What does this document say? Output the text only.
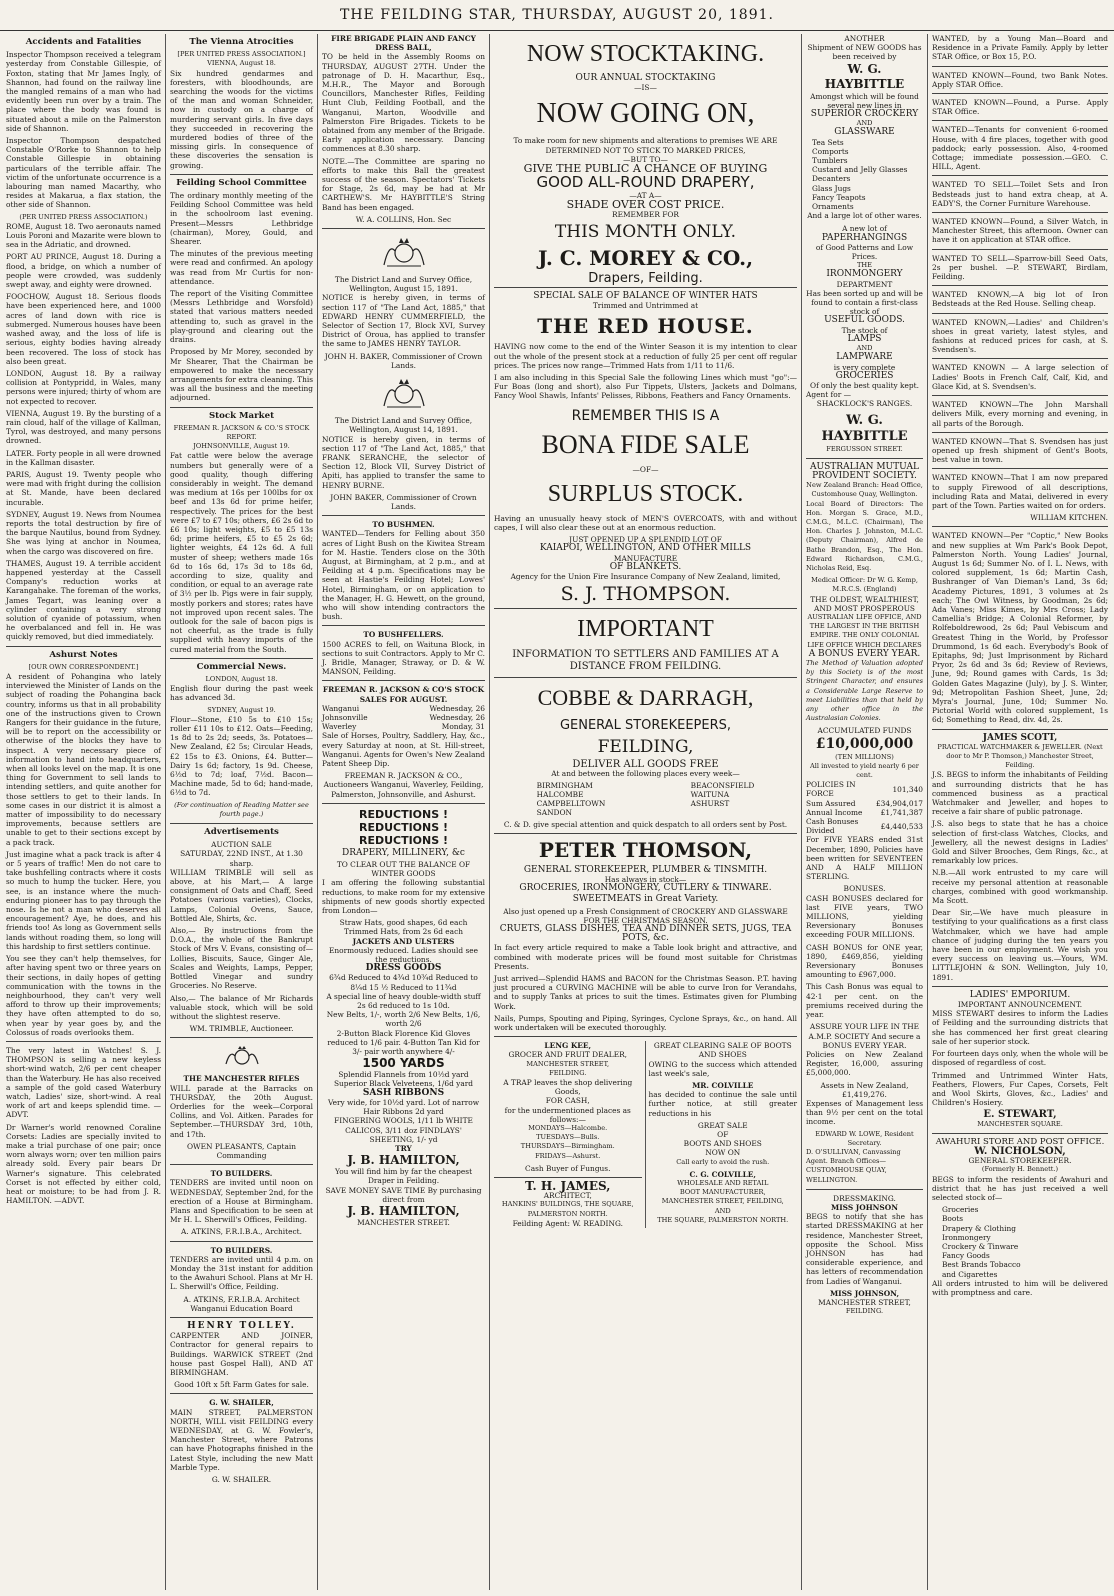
THE FEILDING STAR, THURSDAY, AUGUST 20, 1891.
Accidents and Fatalities

Inspector Thompson received a telegram yesterday from Constable Gillespie, of Foxton, stating that Mr James Ingly, of Shannon, had found on the railway line the mangled remains of a man who had evidently been run over by a train. The place where the body was found is situated about a mile on the Palmerston side of Shannon.

Inspector Thompson despatched Constable O'Rorke to Shannon to help Constable Gillespie in obtaining particulars of the terrible affair. The victim of the unfortunate occurrence is a labouring man named Macarthy, who resides at Makarua, a flax station, the other side of Shannon.

(PER UNITED PRESS ASSOCIATION.)

ROME, August 18. Two aeronauts named Louis Poroni and Mazarite were blown to sea in the Adriatic, and drowned.

PORT AU PRINCE, August 18. During a flood, a bridge, on which a number of people were crowded, was suddenly swept away, and eighty were drowned.

FOOCHOW, August 18. Serious floods have been experienced here, and 1000 acres of land down with rice is submerged. Numerous houses have been washed away, and the loss of life is serious, eighty bodies having already been recovered. The loss of stock has also been great.

LONDON, August 18. By a railway collision at Pontypridd, in Wales, many persons were injured; thirty of whom are not expected to recover.

VIENNA, August 19. By the bursting of a rain cloud, half of the village of Kallman, Tyrol, was destroyed, and many persons drowned.

LATER. Forty people in all were drowned in the Kallman disaster.

PARIS, August 19. Twenty people who were mad with fright during the collision at St. Mande, have been declared incurable.

SYDNEY, August 19. News from Noumea reports the total destruction by fire of the barque Nautilus, bound from Sydney. She was lying at anchor in Noumea, when the cargo was discovered on fire.

THAMES, August 19. A terrible accident happened yesterday at the Cassell Company's reduction works at Karangahake. The foreman of the works, James Tegart, was leaning over a cylinder containing a very strong solution of cyanide of potassium, when he overbalanced and fell in. He was quickly removed, but died immediately.

Ashurst Notes
[OUR OWN CORRESPONDENT.]

A resident of Pohangina who lately interviewed the Minister of Lands on the subject of roading the Pohangina back country, informs us that in all probability one of the instructions given to Crown Rangers for their guidance in the future, will be to report on the accessibility or otherwise of the blocks they have to inspect. A very necessary piece of information to hand into headquarters, when all looks level on the map. It is one thing for Government to sell lands to intending settlers, and quite another for those settlers to get to their lands. In some cases in our district it is almost a matter of impossibility to do necessary improvements, because settlers are unable to get to their sections except by a pack track.

Just imagine what a pack track is after 4 or 5 years of traffic! Men do not care to take bushfelling contracts where it costs so much to hump the tucker. Here, you see, is an instance where the much-enduring pioneer has to pay through the nose. Is he not a man who deserves all encouragement? Aye, he does, and his friends too! As long as Government sells lands without roading them, so long will this hardship to first settlers continue.

You see they can't help themselves, for after having spent two or three years on their sections, in daily hopes of getting communication with the towns in the neighbourhood, they can't very well afford to throw up their improvements; they have often attempted to do so, when year by year goes by, and the Colossus of roads overlooks them.

The very latest in Watches! S. J. THOMPSON is selling a new keyless short-wind watch, 2/6 per cent cheaper than the Waterbury. He has also received a sample of the gold cased Waterbury watch, Ladies' size, short-wind. A real work of art and keeps splendid time. —ADVT.

Dr Warner's world renowned Coraline Corsets: Ladies are specially invited to make a trial purchase of one pair; once worn always worn; over ten million pairs already sold. Every pair bears Dr Warner's signature. This celebrated Corset is not effected by either cold, heat or moisture; to be had from J. R. HAMILTON. —ADVT.

The Vienna Atrocities
[PER UNITED PRESS ASSOCIATION.]
VIENNA, August 18.

Six hundred gendarmes and foresters, with bloodhounds, are searching the woods for the victims of the man and woman Schneider, now in custody on a charge of murdering servant girls. In five days they succeeded in recovering the murdered bodies of three of the missing girls. In consequence of these discoveries the sensation is growing.

Feilding School Committee

The ordinary monthly meeting of the Feilding School Committee was held in the schoolroom last evening. Present—Messrs Lethbridge (chairman), Morey, Gould, and Shearer.

The minutes of the previous meeting were read and confirmed. An apology was read from Mr Curtis for non-attendance.

The report of the Visiting Committee (Messrs Lethbridge and Worsfold) stated that various matters needed attending to, such as gravel in the play-ground and clearing out the drains.

Proposed by Mr Morey, seconded by Mr Shearer, That the Chairman be empowered to make the necessary arrangements for extra cleaning. This was all the business and the meeting adjourned.

Stock Market
FREEMAN R. JACKSON & CO.'S STOCK REPORT.
JOHNSONVILLE, August 19.

Fat cattle were below the average numbers but generally were of a good quality, though differing considerably in weight. The demand was medium at 16s per 100lbs for ox beef and 13s 6d for prime heifer, respectively. The prices for the best were £7 to £7 10s; others, £6 2s 6d to £6 10s; light weights, £5 to £5 13s 6d; prime heifers, £5 to £5 2s 6d; lighter weights, £4 12s 6d. A full muster of sheep; wethers made 16s 6d to 16s 6d, 17s 3d to 18s 6d, according to size, quality and condition, or equal to an average rate of 3½ per lb. Pigs were in fair supply, mostly porkers and stores; rates have not improved upon recent sales. The outlook for the sale of bacon pigs is not cheerful, as the trade is fully supplied with heavy imports of the cured material from the South.

Commercial News.
LONDON, August 18.

English flour during the past week has advanced 3d.

SYDNEY, August 19.

Flour—Stone, £10 5s to £10 15s; roller £11 10s to £12. Oats—Feeding, 1s 8d to 2s 2d; seeds, 3s. Potatoes—New Zealand, £2 5s; Circular Heads, £2 15s to £3. Onions, £4. Butter—Dairy 1s 6d; factory, 1s 9d. Cheese, 6½d to 7d; loaf, 7½d. Bacon—Machine made, 5d to 6d; hand-made, 6½d to 7d.

(For continuation of Reading Matter see fourth page.)
Advertisements
AUCTION SALE
SATURDAY, 22ND INST., At 1.30 sharp.

WILLIAM TRIMBLE will sell as above, at his Mart,— A large consignment of Oats and Chaff, Seed Potatoes (various varieties), Clocks, Lamps, Colonial Ovens, Sauce, Bottled Ale, Shirts, &c.

Also,— By instructions from the D.O.A., the whole of the Bankrupt Stock of Mrs V. Evans, consisting of—Lollies, Biscuits, Sauce, Ginger Ale, Scales and Weights, Lamps, Pepper, Bottled Vinegar and sundry Groceries. No Reserve.

Also,— The balance of Mr Richards valuable stock, which will be sold without the slightest reserve.

WM. TRIMBLE, Auctioneer.
THE MANCHESTER RIFLES

WILL parade at the Barracks on THURSDAY, the 20th August. Orderlies for the week—Corporal Collins, and Vol. Aitken. Parades for September.—THURSDAY 3rd, 10th, and 17th.

OWEN PLEASANTS, Captain Commanding
TO BUILDERS.

TENDERS are invited until noon on WEDNESDAY, September 2nd, for the erection of a House at Birmingham. Plans and Specification to be seen at Mr H. L. Sherwill's Offices, Feilding.

A. ATKINS, F.R.I.B.A., Architect.
TO BUILDERS.

TENDERS are invited until 4 p.m. on Monday the 31st instant for addition to the Awahuri School. Plans at Mr H. L. Sherwill's Office, Feilding.

A. ATKINS, F.R.I.B.A. Architect Wanganui Education Board
HENRY TOLLEY.

CARPENTER AND JOINER, Contractor for general repairs to Buildings. WARWICK STREET (2nd house past Gospel Hall), AND AT BIRMINGHAM.

Good 10ft x 5ft Farm Gates for sale.
G. W. SHAILER,

MAIN STREET, PALMERSTON NORTH, WILL visit FEILDING every WEDNESDAY, at G. W. Fowler's, Manchester Street, where Patrons can have Photographs finished in the Latest Style, including the new Matt Marble Type.

G. W. SHAILER.
FIRE BRIGADE PLAIN AND FANCY DRESS BALL,

TO be held in the Assembly Rooms on THURSDAY, AUGUST 27TH. Under the patronage of D. H. Macarthur, Esq., M.H.R., The Mayor and Borough Councillors, Manchester Rifles, Feilding Hunt Club, Feilding Football, and the Wanganui, Marton, Woodville and Palmerston Fire Brigades. Tickets to be obtained from any member of the Brigade. Early application necessary. Dancing commences at 8.30 sharp.

NOTE.—The Committee are sparing no efforts to make this Ball the greatest success of the season. Spectators' Tickets for Stage, 2s 6d, may be had at Mr CARTHEW'S. Mr HAYBITTLE'S String Band has been engaged.

W. A. COLLINS, Hon. Sec
The District Land and Survey Office, Wellington, August 15, 1891.

NOTICE is hereby given, in terms of section 117 of "The Land Act, 1885," that EDWARD HENRY CUMMERFIELD, the Selector of Section 17, Block XVI, Survey District of Oroua, has applied to transfer the same to JAMES HENRY TAYLOR.

JOHN H. BAKER, Commissioner of Crown Lands.
The District Land and Survey Office, Wellington, August 14, 1891.

NOTICE is hereby given, in terms of section 117 of "The Land Act, 1885," that FRANK SERANCHE, the selector of Section 12, Block VII, Survey District of Apiti, has applied to transfer the same to HENRY BURNE.

JOHN BAKER, Commissioner of Crown Lands.
TO BUSHMEN.

WANTED—Tenders for Felling about 350 acres of Light Bush on the Kiwitea Stream for M. Hastie. Tenders close on the 30th August, at Birmingham, at 2 p.m., and at Feilding at 4 p.m. Specifications may be seen at Hastie's Feilding Hotel; Lowes' Hotel, Birmingham, or on application to the Manager, H. G. Hewett, on the ground, who will show intending contractors the bush.

TO BUSHFELLERS.

1500 ACRES to fell, on Waituna Block, in sections to suit Contractors. Apply to Mr C. J. Bridle, Manager, Straway, or D. & W. MANSON, Feilding.

FREEMAN R. JACKSON & CO'S STOCK SALES FOR AUGUST.
Wanganui	Wednesday, 26
Johnsonville	Wednesday, 26
Waverley	Monday, 31

Sale of Horses, Poultry, Saddlery, Hay, &c., every Saturday at noon, at St. Hill-street, Wanganui. Agents for Owen's New Zealand Patent Sheep Dip.

FREEMAN R. JACKSON & CO., Auctioneers Wanganui, Waverley, Feilding, Palmerston, Johnsonville, and Ashurst.
REDUCTIONS !
REDUCTIONS !
REDUCTIONS !
DRAPERY, MILLINERY, &c
TO CLEAR OUT THE BALANCE OF WINTER GOODS

I am offering the following substantial reductions, to make room for my extensive shipments of new goods shortly expected from London—

Straw Hats, good shapes, 6d each Trimmed Hats, from 2s 6d each
JACKETS AND ULSTERS
Enormously reduced. Ladies should see the reductions.
DRESS GOODS
6¾d Reduced to 4¾d 10¾d Reduced to 8¼d 15 ½ Reduced to 11¾d
A special line of heavy double-width stuff 2s 6d reduced to 1s 10d.
New Belts, 1/-, worth 2/6 New Belts, 1/6, worth 2/6
2-Button Black Florence Kid Gloves reduced to 1/6 pair. 4-Button Tan Kid for 3/- pair worth anywhere 4/-
1500 YARDS
Splendid Flannels from 10½d yard Superior Black Velveteens, 1/6d yard
SASH RIBBONS
Very wide, for 10½d yard. Lot of narrow Hair Ribbons 2d yard
FINGERING WOOLS, 1/11 lb WHITE CALICOS, 3/11 doz FINDLAYS' SHEETING, 1/- yd
TRY
J. B. HAMILTON,
You will find him by far the cheapest Draper in Feilding.
SAVE MONEY SAVE TIME By purchasing direct from
J. B. HAMILTON,
MANCHESTER STREET.
NOW STOCKTAKING.
OUR ANNUAL STOCKTAKING
—IS—
NOW GOING ON,
To make room for new shipments and alterations to premises WE ARE DETERMINED NOT TO STICK TO MARKED PRICES,
—BUT TO—
GIVE THE PUBLIC A CHANCE OF BUYING
GOOD ALL-ROUND DRAPERY,
—AT A—
SHADE OVER COST PRICE.
REMEMBER FOR
THIS MONTH ONLY.
J. C. MOREY & CO.,
Drapers, Feilding.
SPECIAL SALE OF BALANCE OF WINTER HATS
Trimmed and Untrimmed at
THE RED HOUSE.

HAVING now come to the end of the Winter Season it is my intention to clear out the whole of the present stock at a reduction of fully 25 per cent off regular prices. The prices now range—Trimmed Hats from 1/11 to 11/6.

I am also including in this Special Sale the following Lines which must "go":—Fur Boas (long and short), also Fur Tippets, Ulsters, Jackets and Dolmans, Fancy Wool Shawls, Infants' Pelisses, Ribbons, Feathers and Fancy Ornaments.

REMEMBER THIS IS A
BONA FIDE SALE
—OF—
SURPLUS STOCK.

Having an unusually heavy stock of MEN'S OVERCOATS, with and without capes, I will also clear these out at an enormous reduction.

JUST OPENED UP A SPLENDID LOT OF
KAIAPOI, WELLINGTON, AND OTHER MILLS
MANUFACTURE
OF BLANKETS.
Agency for the Union Fire Insurance Company of New Zealand, limited,
S. J. THOMPSON.
IMPORTANT
INFORMATION TO SETTLERS AND FAMILIES AT A DISTANCE FROM FEILDING.
COBBE & DARRAGH,
GENERAL STOREKEEPERS,
FEILDING,
DELIVER ALL GOODS FREE
At and between the following places every week—
BIRMINGHAM
HALCOMBE
CAMPBELLTOWN
SANDON
BEACONSFIELD
WAITUNA
ASHURST
C. & D. give special attention and quick despatch to all orders sent by Post.
PETER THOMSON,
GENERAL STOREKEEPER, PLUMBER & TINSMITH.
Has always in stock—
GROCERIES, IRONMONGERY, CUTLERY & TINWARE.
SWEETMEATS in Great Variety.
Also just opened up a Fresh Consignment of CROCKERY AND GLASSWARE FOR THE CHRISTMAS SEASON.
CRUETS, GLASS DISHES, TEA AND DINNER SETS, JUGS, TEA POTS, &c.

In fact every article required to make a Table look bright and attractive, and combined with moderate prices will be found most suitable for Christmas Presents.

Just arrived—Splendid HAMS and BACON for the Christmas Season. P.T. having just procured a CURVING MACHINE will be able to curve Iron for Verandahs, and to supply Tanks at prices to suit the times. Estimates given for Plumbing Work.

Nails, Pumps, Spouting and Piping, Syringes, Cyclone Sprays, &c., on hand. All work undertaken will be executed thoroughly.

LENG KEE,
GROCER AND FRUIT DEALER,
MANCHESTER STREET,
FEILDING.
A TRAP leaves the shop delivering Goods,
FOR CASH,
for the undermentioned places as follows:—
MONDAYS—Halcombe.
TUESDAYS—Bulls.
THURSDAYS—Birmingham.
FRIDAYS—Ashurst.
Cash Buyer of Fungus.
T. H. JAMES,
ARCHITECT,
HANKINS' BUILDINGS, THE SQUARE, PALMERSTON NORTH.
Feilding Agent: W. READING.
GREAT CLEARING SALE OF BOOTS AND SHOES

OWING to the success which attended last week's sale,

MR. COLVILLE

has decided to continue the sale until further notice, at still greater reductions in his

GREAT SALE
OF
BOOTS AND SHOES
NOW ON
Call early to avoid the rush.
C. G. COLVILLE,
WHOLESALE AND RETAIL
BOOT MANUFACTURER,
MANCHESTER STREET, FEILDING,
AND
THE SQUARE, PALMERSTON NORTH.
ANOTHER
Shipment of NEW GOODS has been received by
W. G. HAYBITTLE
Amongst which will be found several new lines in
SUPERIOR CROCKERY
AND
GLASSWARE
Tea Sets
Comports
Tumblers
Custard and Jelly Glasses
Decanters
Glass Jugs
Fancy Teapots
Ornaments
And a large lot of other wares.
A new lot of
PAPERHANGINGS
of Good Patterns and Low Prices.
THE
IRONMONGERY
DEPARTMENT
Has been sorted up and will be found to contain a first-class stock of
USEFUL GOODS.
The stock of
LAMPS
AND
LAMPWARE
is very complete
GROCERIES
Of only the best quality kept.
Agent for —
SHACKLOCK'S RANGES.
W. G. HAYBITTLE
FERGUSSON STREET.
AUSTRALIAN MUTUAL PROVIDENT SOCIETY.
New Zealand Branch: Head Office, Customhouse Quay, Wellington.

Local Board of Directors: The Hon. Morgan S. Grace, M.D., C.M.G., M.L.C. (Chairman), The Hon. Charles J. Johnston, M.L.C. (Deputy Chairman), Alfred de Bathe Brandon, Esq., The Hon. Edward Richardson, C.M.G., Nicholas Reid, Esq.

Medical Officer: Dr W. G. Kemp, M.R.C.S. (England)
THE OLDEST, WEALTHIEST, AND MOST PROSPEROUS
AUSTRALIAN LIFE OFFICE, AND THE LARGEST IN THE BRITISH EMPIRE. THE ONLY COLONIAL LIFE OFFICE WHICH DECLARES
A BONUS EVERY YEAR.

The Method of Valuation adopted by this Society is of the most Stringent Character, and ensures a Considerable Large Reserve to meet Liabilities than that held by any other office in the Australasian Colonies.

ACCUMULATED FUNDS
£10,000,000
(TEN MILLIONS)
All invested to yield nearly 6 per cent.
POLICIES IN FORCE	101,340
Sum Assured	£34,904,017
Annual Income	£1,741,387
Cash Bonuses Divided	£4,440,533

For FIVE YEARS ended 31st December, 1890, Policies have been written for SEVENTEEN AND A HALF MILLION STERLING.

BONUSES.

CASH BONUSES declared for last FIVE years, TWO MILLIONS, yielding Reversionary Bonuses exceeding FOUR MILLIONS.

CASH BONUS for ONE year, 1890, £469,856, yielding Reversionary Bonuses amounting to £967,000.

This Cash Bonus was equal to 42·1 per cent. on the premiums received during the year.

ASSURE YOUR LIFE IN THE A.M.P. SOCIETY And secure a BONUS EVERY YEAR.

Policies on New Zealand Register, 16,000, assuring £5,000,000.

Assets in New Zealand, £1,419,276.

Expenses of Management less than 9½ per cent on the total income.

EDWARD W. LOWE, Resident Secretary.
D. O'SULLIVAN, Canvassing Agent. Branch Offices—CUSTOMHOUSE QUAY, WELLINGTON.
DRESSMAKING.
MISS JOHNSON

BEGS to notify that she has started DRESSMAKING at her residence, Manchester Street, opposite the School. Miss JOHNSON has had considerable experience, and has letters of recommendation from Ladies of Wanganui.

MISS JOHNSON,
MANCHESTER STREET,
FEILDING.

WANTED, by a Young Man—Board and Residence in a Private Family. Apply by letter STAR Office, or Box 15, P.O.

WANTED KNOWN—Found, two Bank Notes. Apply STAR Office.

WANTED KNOWN—Found, a Purse. Apply STAR Office.

WANTED—Tenants for convenient 6-roomed House, with 4 fire places, together with good paddock; early possession. Also, 4-roomed Cottage; immediate possession.—GEO. C. HILL, Agent.

WANTED TO SELL—Toilet Sets and Iron Bedsteads just to hand extra cheap, at A. EADY'S, the Corner Furniture Warehouse.

WANTED KNOWN—Found, a Silver Watch, in Manchester Street, this afternoon. Owner can have it on application at STAR office.

WANTED TO SELL—Sparrow-bill Seed Oats, 2s per bushel. —P. STEWART, Birdlam, Feilding.

WANTED KNOWN,—A big lot of Iron Bedsteads at the Red House. Selling cheap.

WANTED KNOWN,—Ladies' and Children's shoes in great variety, latest styles, and fashions at reduced prices for cash, at S. Svendsen's.

WANTED KNOWN — A large selection of Ladies' Boots in French Calf, Calf, Kid, and Glace Kid, at S. Svendsen's.

WANTED KNOWN—The John Marshall delivers Milk, every morning and evening, in all parts of the Borough.

WANTED KNOWN—That S. Svendsen has just opened up fresh shipment of Gent's Boots, best value in town.

WANTED KNOWN—That I am now prepared to supply Firewood of all descriptions, including Rata and Matai, delivered in every part of the Town. Parties waited on for orders.

WILLIAM KITCHEN.

WANTED KNOWN—Per "Coptic," New Books and new supplies at Wm Park's Book Depot, Palmerston North. Young Ladies' Journal, August 1s 6d; Summer No. of I. L. News, with colored supplement, 1s 6d; Martin Cash, Bushranger of Van Dieman's Land, 3s 6d; Academy Pictures, 1891, 3 volumes at 2s each; The Owl Witness, by Goodman, 2s 6d; Ada Vanes; Miss Kimes, by Mrs Cross; Lady Camellia's Bridge; A Colonial Reformer, by Rolfeboldrewood, 2s 6d; Paul Vebiscum and Greatest Thing in the World, by Professor Drummond, 1s 6d each. Everybody's Book of Epitaphs, 9d; Just Imprisonment by Richard Pryor, 2s 6d and 3s 6d; Review of Reviews, June, 9d; Round games with Cards, 1s 3d; Golden Gates Magazine (July), by J. S. Winter, 9d; Metropolitan Fashion Sheet, June, 2d; Myra's Journal, June, 10d; Summer No. Pictorial World with colored supplement, 1s 6d; Something to Read, div. 4d, 2s.

JAMES SCOTT,
PRACTICAL WATCHMAKER & JEWELLER. (Next door to Mr P. Thomson,) Manchester Street, Feilding.

J.S. BEGS to inform the inhabitants of Feilding and surrounding districts that he has commenced business as a practical Watchmaker and Jeweller, and hopes to receive a fair share of public patronage.

J.S. also begs to state that he has a choice selection of first-class Watches, Clocks, and Jewellery, all the newest designs in Ladies' Gold and Silver Brooches, Gem Rings, &c., at remarkably low prices.

N.B.—All work entrusted to my care will receive my personal attention at reasonable charges, combined with good workmanship. Ma Scott.

Dear Sir,—We have much pleasure in testifying to your qualifications as a first class Watchmaker, which we have had ample chance of judging during the ten years you have been in our employment. We wish you every success on leaving us.—Yours, WM. LITTLEJOHN & SON. Wellington, July 10, 1891.

LADIES' EMPORIUM.
IMPORTANT ANNOUNCEMENT.

MISS STEWART desires to inform the Ladies of Feilding and the surrounding districts that she has commenced her first great clearing sale of her superior stock.

For fourteen days only, when the whole will be disposed of regardless of cost.

Trimmed and Untrimmed Winter Hats, Feathers, Flowers, Fur Capes, Corsets, Felt and Wool Skirts, Gloves, &c., Ladies' and Children's Hosiery.

E. STEWART,
MANCHESTER SQUARE.
AWAHURI STORE AND POST OFFICE.
W. NICHOLSON,
GENERAL STOREKEEPER.
(Formerly H. Bennett.)

BEGS to inform the residents of Awahuri and district that he has just received a well selected stock of—

Groceries
Boots
Drapery & Clothing
Ironmongery
Crockery & Tinware
Fancy Goods
Best Brands Tobacco
and Cigarettes

All orders intrusted to him will be delivered with promptness and care.
